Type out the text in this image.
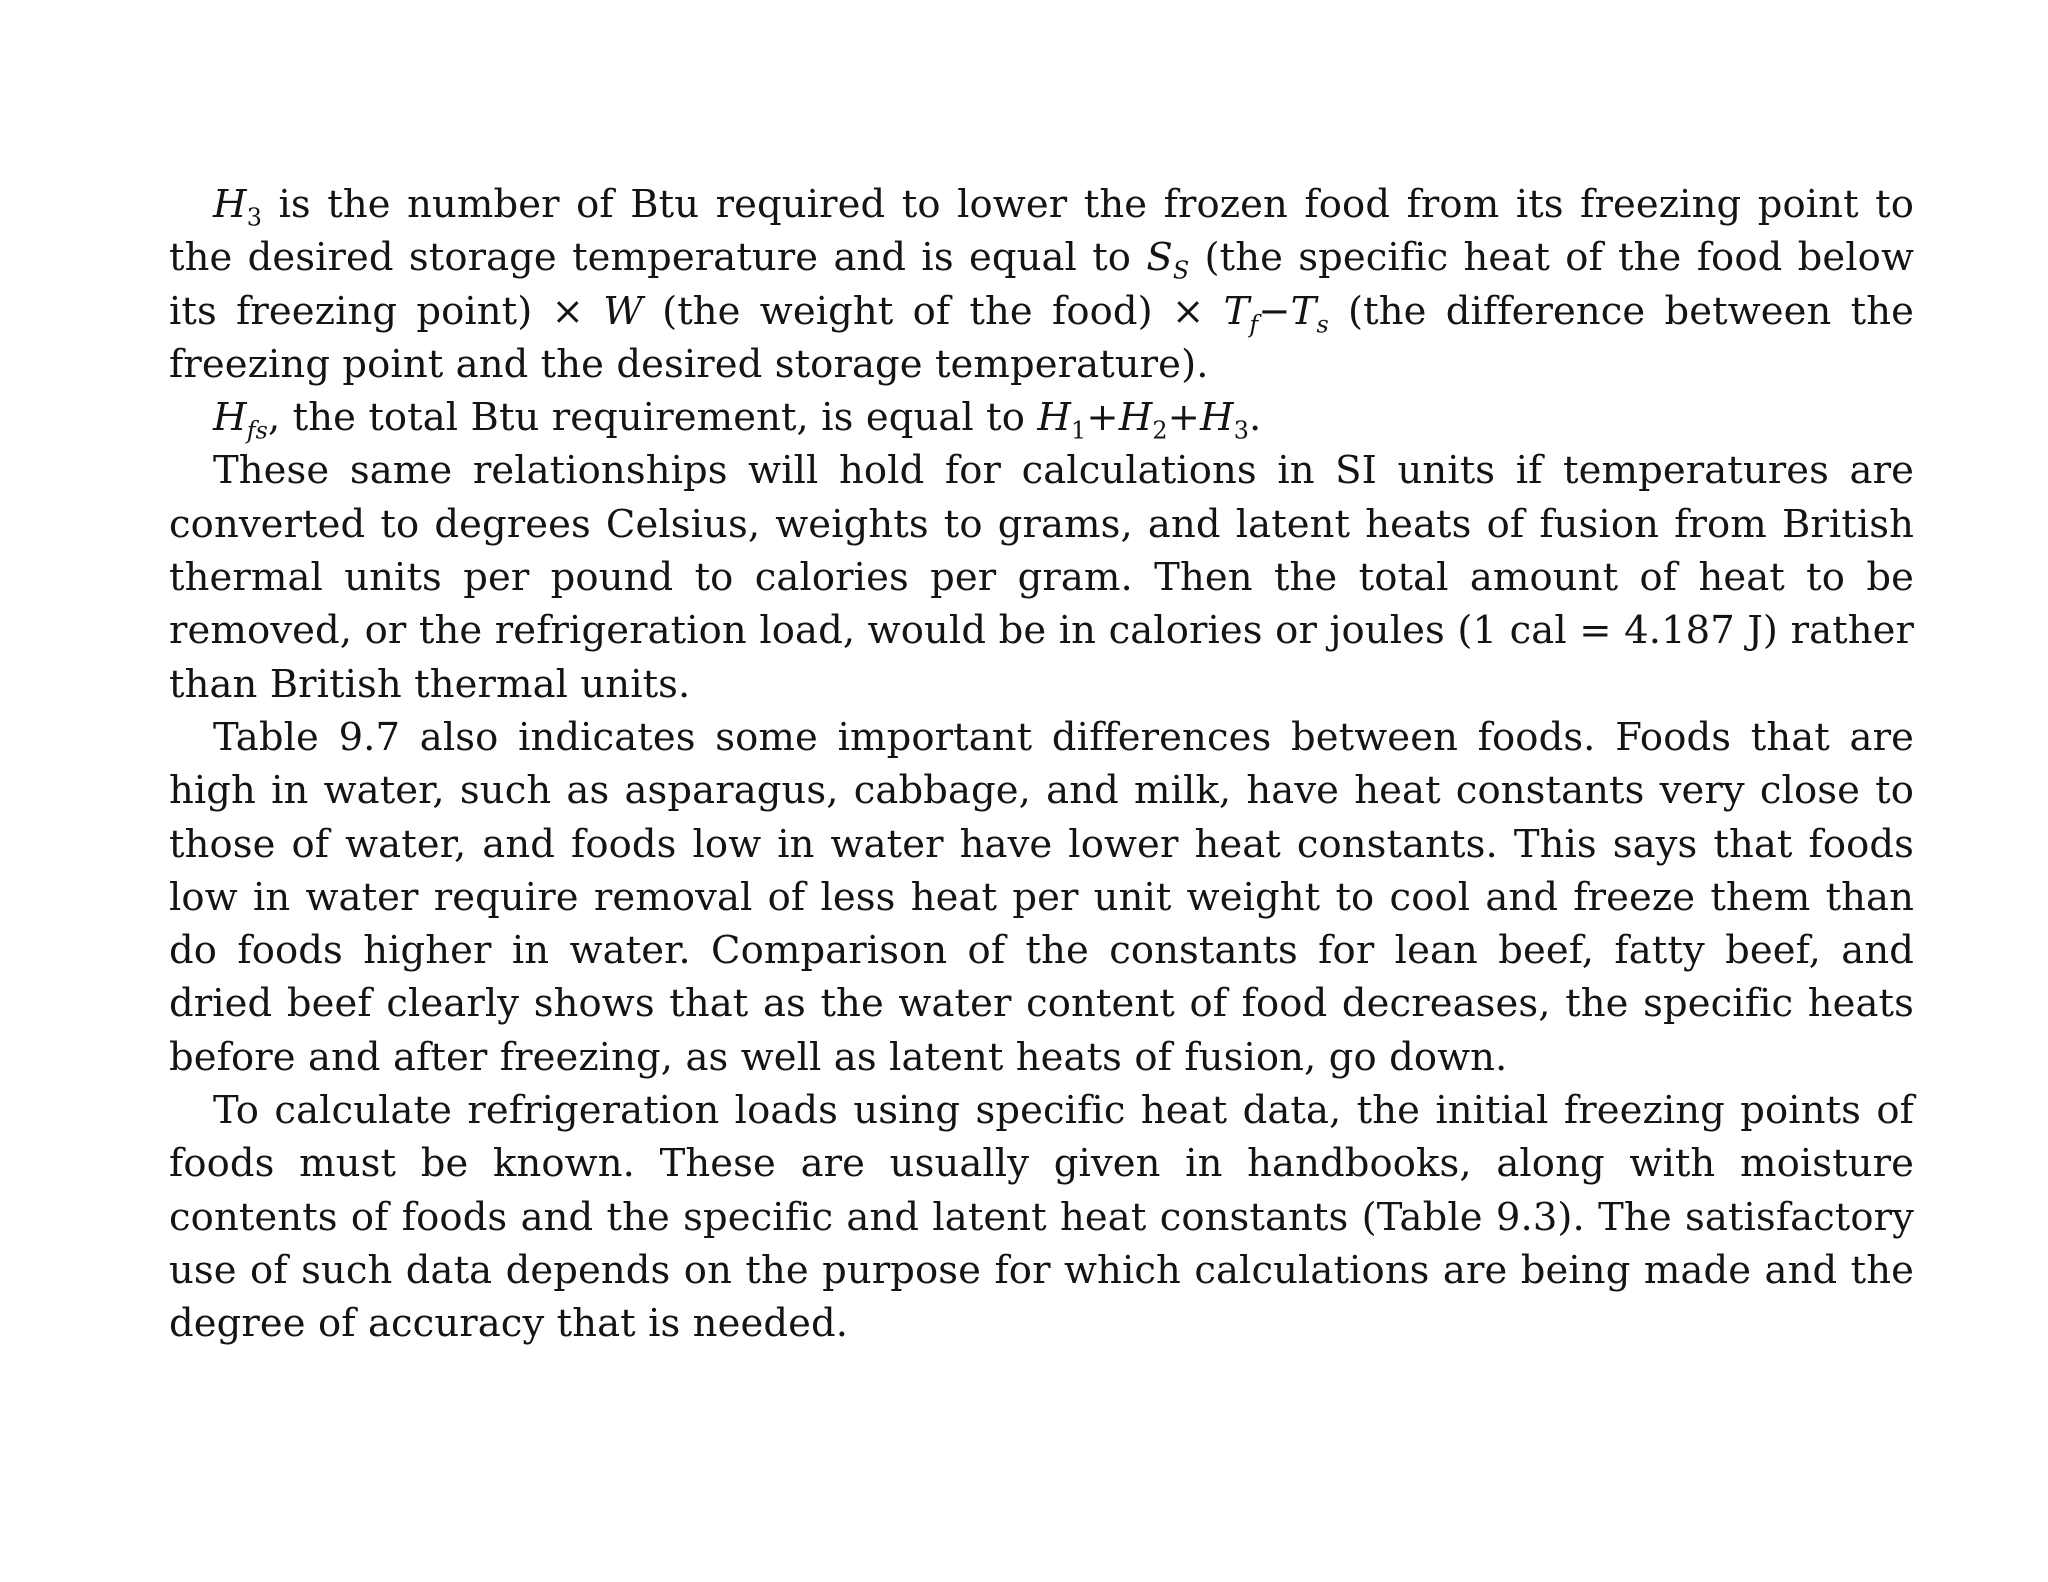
$H_3$ is the number of Btu required to lower the frozen food from its freezing point to the desired storage temperature and is equal to $S_S$ (the specific heat of the food below its freezing point) × W (the weight of the food) × $T_f-T_s$ (the difference between the freezing point and the desired storage temperature).

$H_{fs}$, the total Btu requirement, is equal to $H_1+H_2+H_3$.

These same relationships will hold for calculations in SI units if temperatures are converted to degrees Celsius, weights to grams, and latent heats of fusion from British thermal units per pound to calories per gram. Then the total amount of heat to be removed, or the refrigeration load, would be in calories or joules (1 cal = 4.187 J) rather than British thermal units.

Table 9.7 also indicates some important differences between foods. Foods that are high in water, such as asparagus, cabbage, and milk, have heat constants very close to those of water, and foods low in water have lower heat constants. This says that foods low in water require removal of less heat per unit weight to cool and freeze them than do foods higher in water. Comparison of the constants for lean beef, fatty beef, and dried beef clearly shows that as the water content of food decreases, the specific heats before and after freezing, as well as latent heats of fusion, go down.

To calculate refrigeration loads using specific heat data, the initial freezing points of foods must be known. These are usually given in handbooks, along with moisture contents of foods and the specific and latent heat constants (Table 9.3). The satisfactory use of such data depends on the purpose for which calculations are being made and the degree of accuracy that is needed.
